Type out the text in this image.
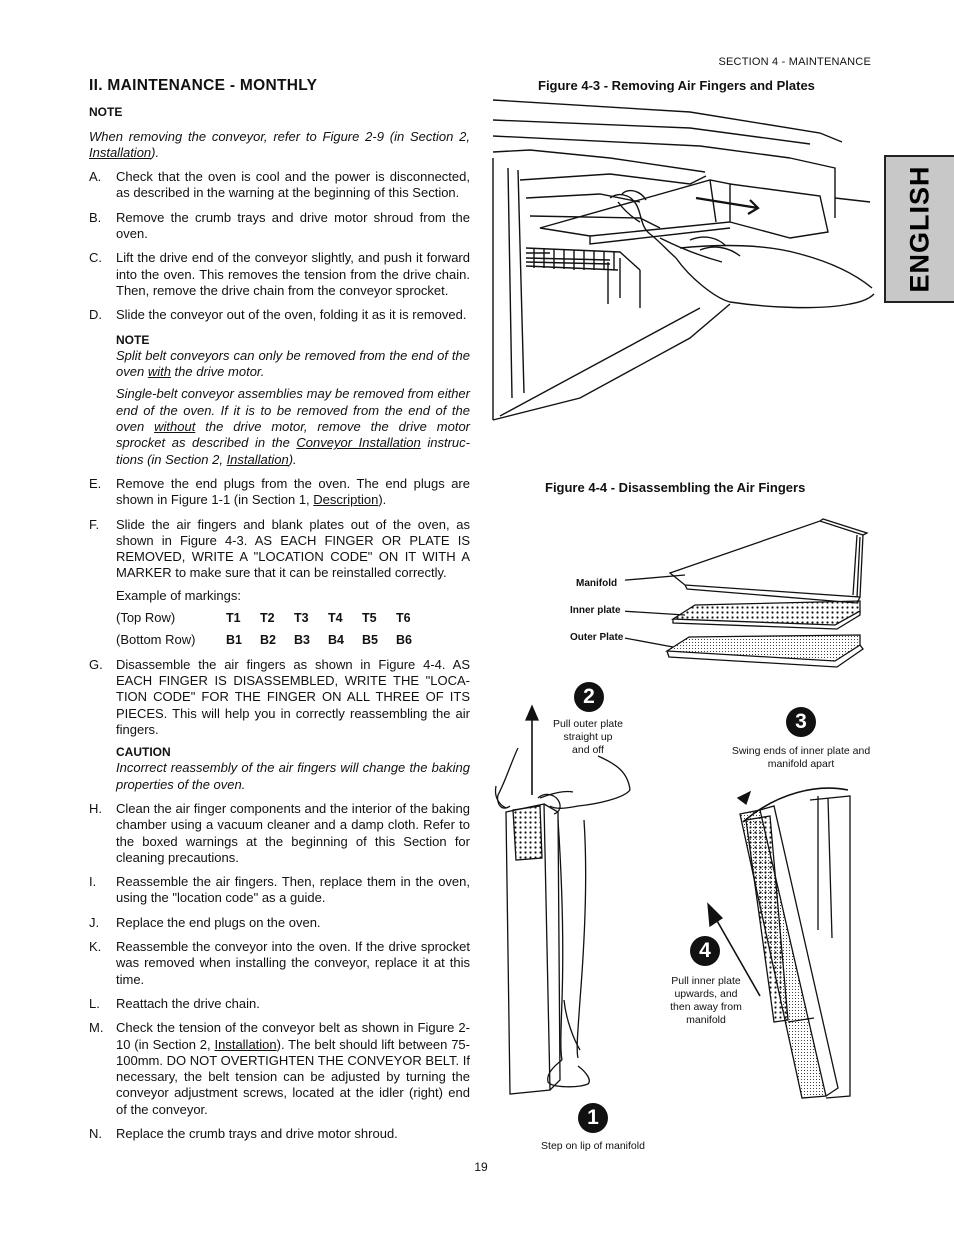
SECTION 4 - MAINTENANCE
ENGLISH
II. MAINTENANCE - MONTHLY
NOTE

When removing the conveyor, refer to Figure 2-9 (in Section 2, Installation).

A.	Check that the oven is cool and the power is disconnected, as described in the warning at the beginning of this Section.
B.	Remove the crumb trays and drive motor shroud from the oven.
C.	Lift the drive end of the conveyor slightly, and push it forward into the oven. This removes the tension from the drive chain. Then, remove the drive chain from the conveyor sprocket.
D.	Slide the conveyor out of the oven, folding it as it is removed.
NOTE
Split belt conveyors can only be removed from the end of the oven with the drive motor.
Single-belt conveyor assemblies may be removed from either end of the oven. If it is to be removed from the end of the oven without the drive motor, remove the drive motor sprocket as described in the Conveyor Installation instruc-tions (in Section 2, Installation).
E.	Remove the end plugs from the oven. The end plugs are shown in Figure 1-1 (in Section 1, Description).
F.	Slide the air fingers and blank plates out of the oven, as shown in Figure 4-3. AS EACH FINGER OR PLATE IS REMOVED, WRITE A "LOCATION CODE" ON IT WITH A MARKER to make sure that it can be reinstalled correctly.
Example of markings:
(Top Row)	T1	T2	T3	T4	T5	T6
(Bottom Row)	B1	B2	B3	B4	B5	B6
G.	Disassemble the air fingers as shown in Figure 4-4. AS EACH FINGER IS DISASSEMBLED, WRITE THE "LOCA-TION CODE" FOR THE FINGER ON ALL THREE OF ITS PIECES. This will help you in correctly reassembling the air fingers.
CAUTION
Incorrect reassembly of the air fingers will change the baking properties of the oven.
H.	Clean the air finger components and the interior of the baking chamber using a vacuum cleaner and a damp cloth. Refer to the boxed warnings at the beginning of this Section for cleaning precautions.
I.	Reassemble the air fingers. Then, replace them in the oven, using the "location code" as a guide.
J.	Replace the end plugs on the oven.
K.	Reassemble the conveyor into the oven. If the drive sprocket was removed when installing the conveyor, replace it at this time.
L.	Reattach the drive chain.
M. Check the tension of the conveyor belt as shown in Figure 2-10 (in Section 2, Installation). The belt should lift between 75-100mm. DO NOT OVERTIGHTEN THE CONVEYOR BELT. If necessary, the belt tension can be adjusted by turning the conveyor adjustment screws, located at the idler (right) end of the conveyor.
N.	Replace the crumb trays and drive motor shroud.
Figure 4-3 - Removing Air Fingers and Plates
Figure 4-4 - Disassembling the Air Fingers
Manifold
Inner plate
Outer Plate
2
Pull outer plate
straight up
and off
3
Swing ends of inner plate and
manifold apart
4
Pull inner plate
upwards, and
then away from
manifold
1
Step on lip of manifold
19
